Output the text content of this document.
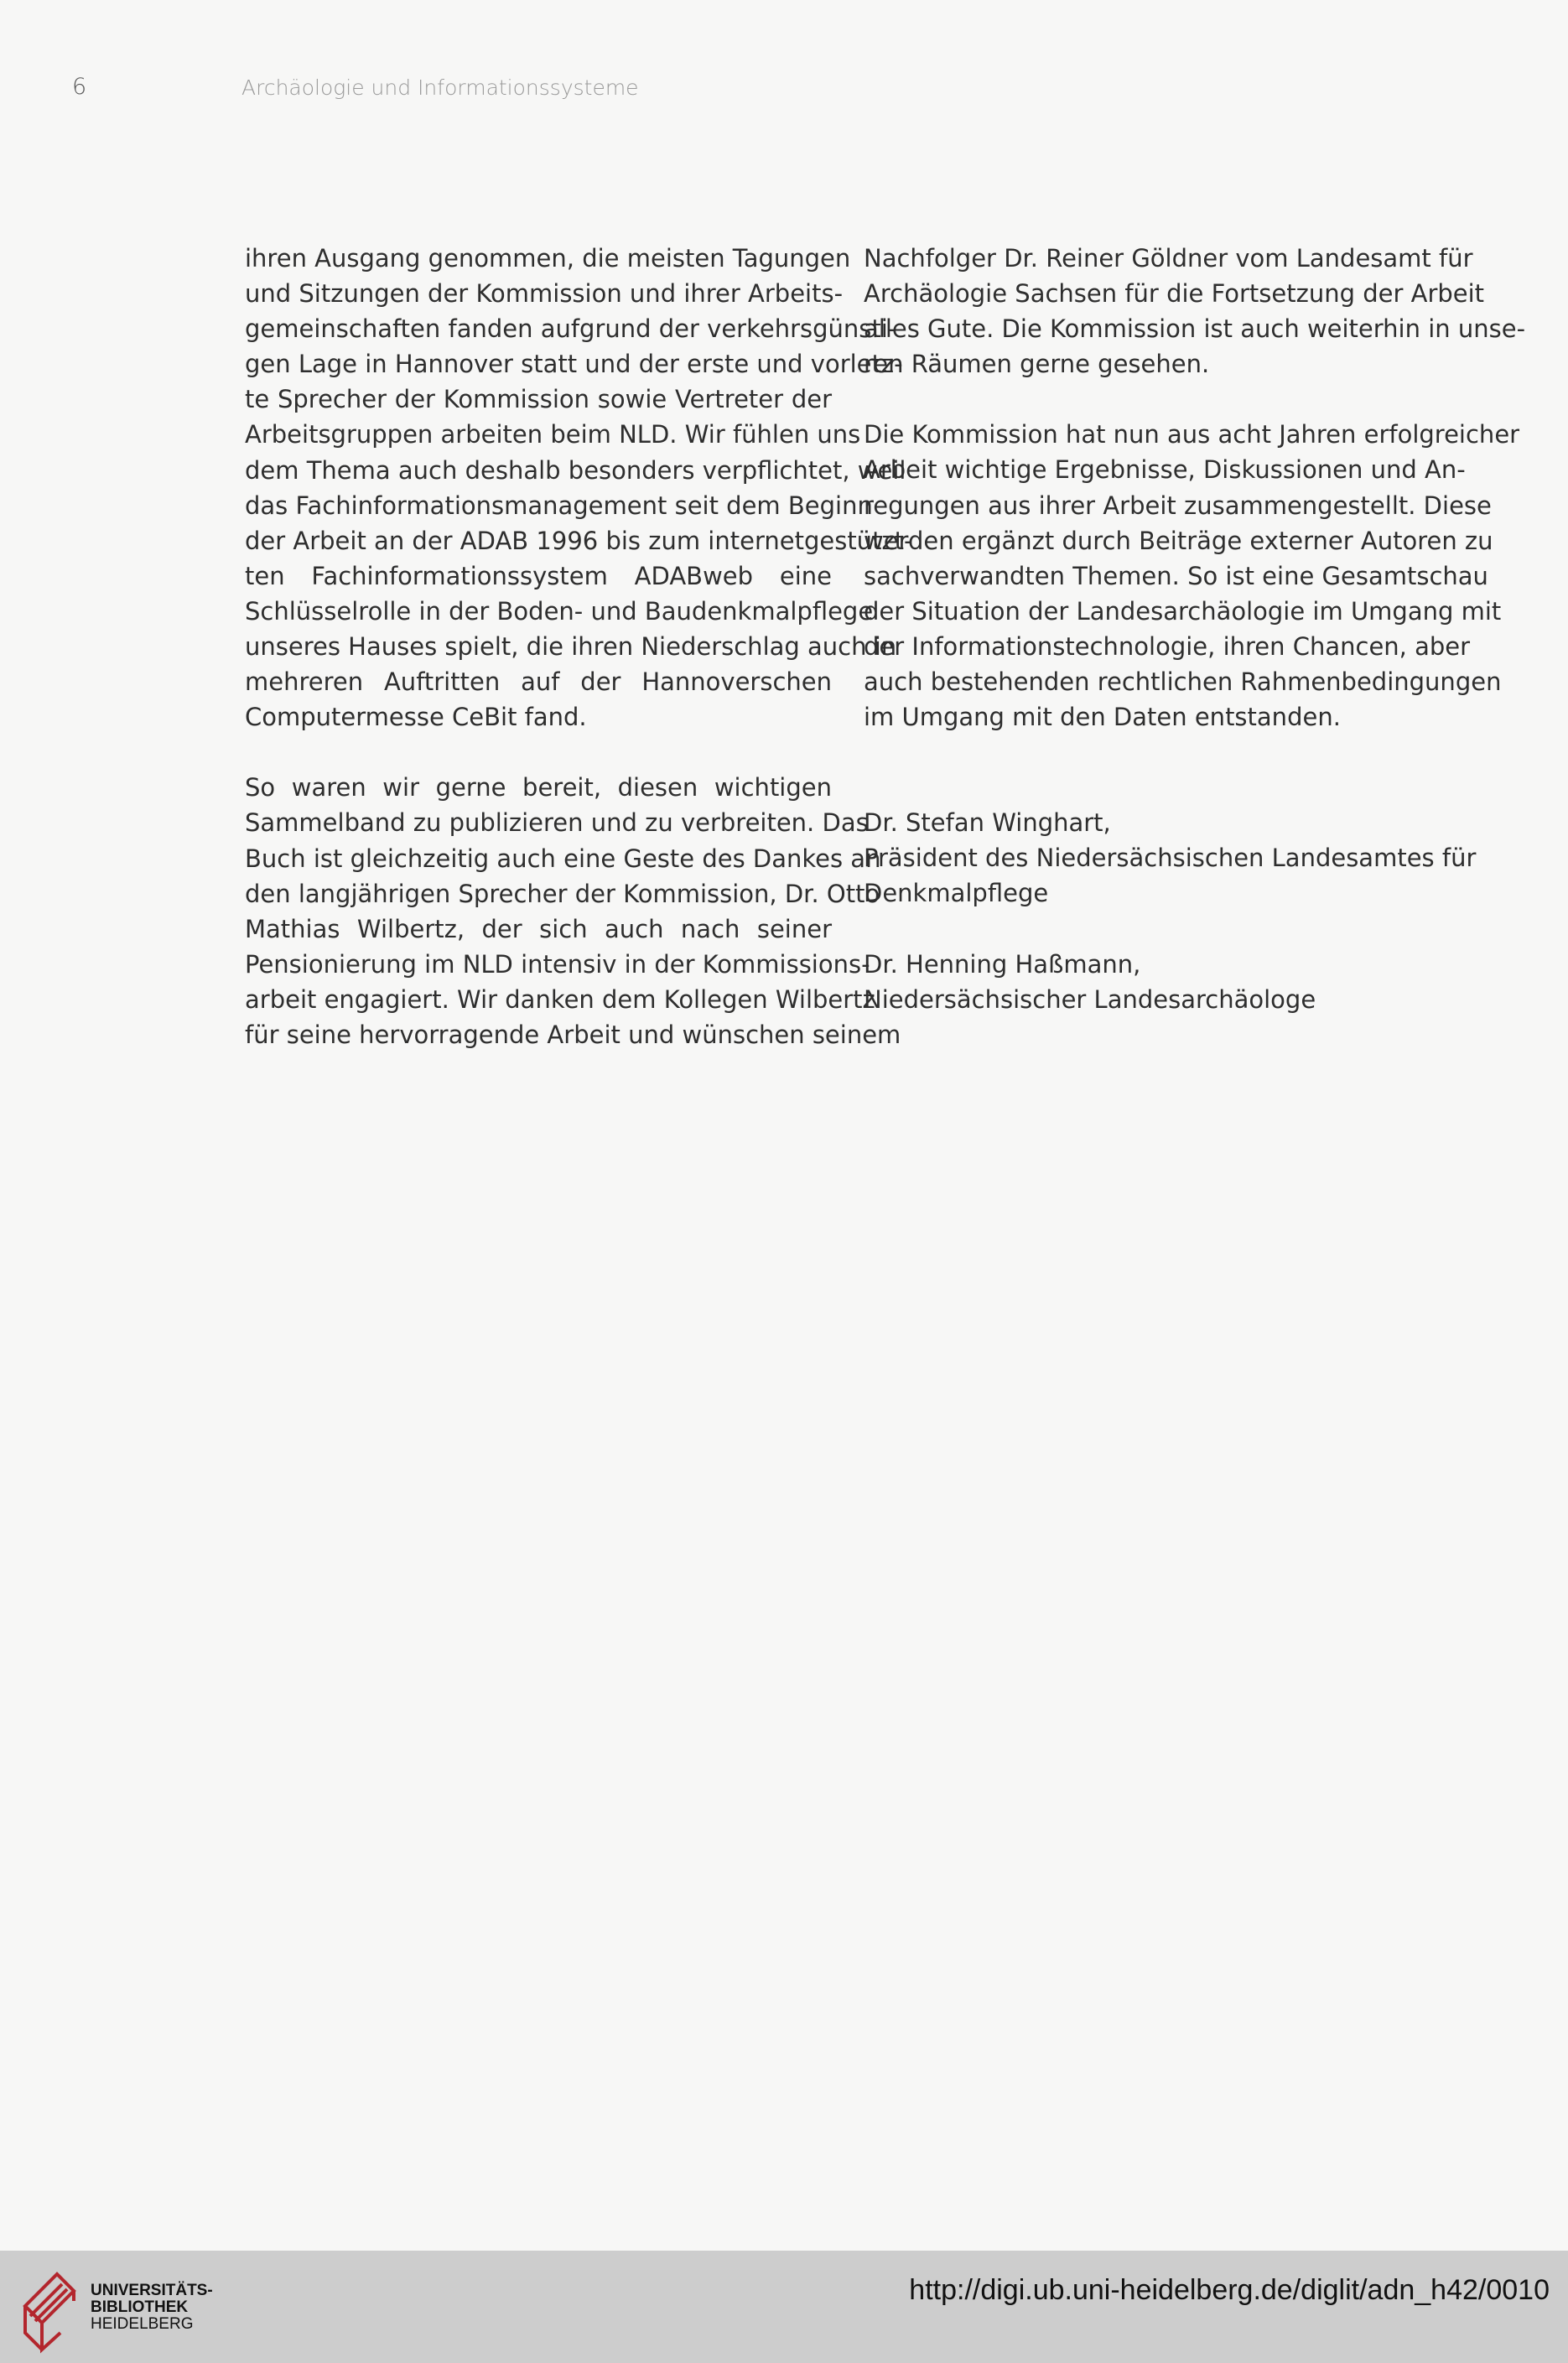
6	Archäologie und Informationssysteme
ihren Ausgang genommen, die meisten Tagungen
und Sitzungen der Kommission und ihrer Arbeits-
gemeinschaften fanden aufgrund der verkehrsgünsti-
gen Lage in Hannover statt und der erste und vorletz-
te Sprecher der Kommission sowie Vertreter der
Arbeitsgruppen arbeiten beim NLD. Wir fühlen uns
dem Thema auch deshalb besonders verpflichtet, weil
das Fachinformationsmanagement seit dem Beginn
der Arbeit an der ADAB 1996 bis zum internetgestützt-
ten Fachinformationssystem ADABweb eine
Schlüsselrolle in der Boden- und Baudenkmalpflege
unseres Hauses spielt, die ihren Niederschlag auch in
mehreren Auftritten auf der Hannoverschen
Computermesse CeBit fand.
So waren wir gerne bereit, diesen wichtigen
Sammelband zu publizieren und zu verbreiten. Das
Buch ist gleichzeitig auch eine Geste des Dankes an
den langjährigen Sprecher der Kommission, Dr. Otto
Mathias Wilbertz, der sich auch nach seiner
Pensionierung im NLD intensiv in der Kommissions-
arbeit engagiert. Wir danken dem Kollegen Wilbertz
für seine hervorragende Arbeit und wünschen seinem
Nachfolger Dr. Reiner Göldner vom Landesamt für
Archäologie Sachsen für die Fortsetzung der Arbeit
alles Gute. Die Kommission ist auch weiterhin in unse-
ren Räumen gerne gesehen.
Die Kommission hat nun aus acht Jahren erfolgreicher
Arbeit wichtige Ergebnisse, Diskussionen und An-
regungen aus ihrer Arbeit zusammengestellt. Diese
werden ergänzt durch Beiträge externer Autoren zu
sachverwandten Themen. So ist eine Gesamtschau
der Situation der Landesarchäologie im Umgang mit
der Informationstechnologie, ihren Chancen, aber
auch bestehenden rechtlichen Rahmenbedingungen
im Umgang mit den Daten entstanden.
Dr. Stefan Winghart,
Präsident des Niedersächsischen Landesamtes für
Denkmalpflege
Dr. Henning Haßmann,
Niedersächsischer Landesarchäologe
UNIVERSITÄTS-
BIBLIOTHEK
HEIDELBERG
http://digi.ub.uni-heidelberg.de/diglit/adn_h42/0010
